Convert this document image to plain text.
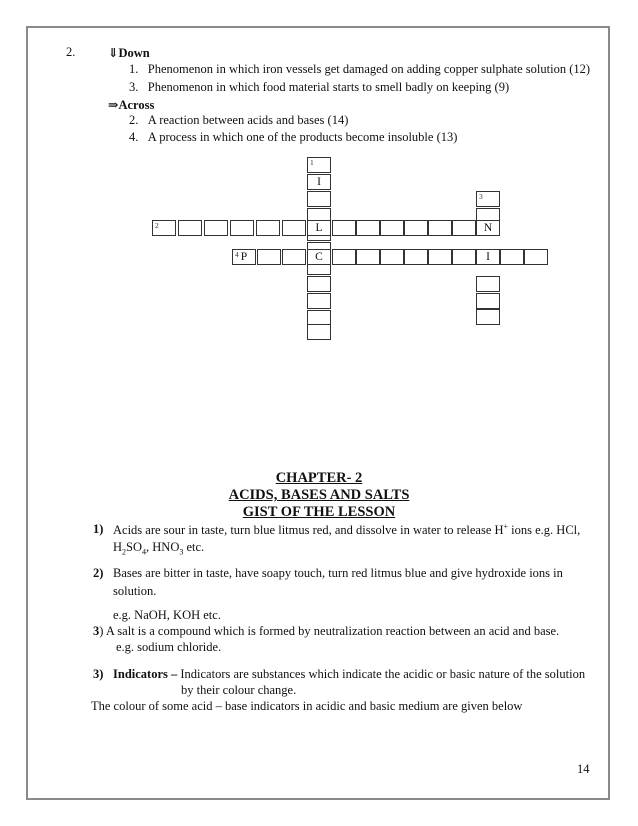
2.	⇓Down
1. Phenomenon in which iron vessels get damaged on adding copper sulphate solution (12)
3. Phenomenon in which food material starts to smell badly on keeping (9)
⇒Across
2. A reaction between acids and bases (14)
4. A process in which one of the products become insoluble (13)
1
I
3
2	L	N
4 P	C	I
CHAPTER- 2
ACIDS, BASES AND SALTS
GIST OF THE LESSON
1) Acids are sour in taste, turn blue litmus red, and dissolve in water to release H+ ions e.g. HCl,
$H_2SO_4$, $HNO_3$ etc.
2) Bases are bitter in taste, have soapy touch, turn red litmus blue and give hydroxide ions in
solution.
e.g. NaOH, KOH etc.
3) A salt is a compound which is formed by neutralization reaction between an acid and base.
e.g. sodium chloride.
3) Indicators – Indicators are substances which indicate the acidic or basic nature of the solution
by their colour change.
The colour of some acid – base indicators in acidic and basic medium are given below
14
